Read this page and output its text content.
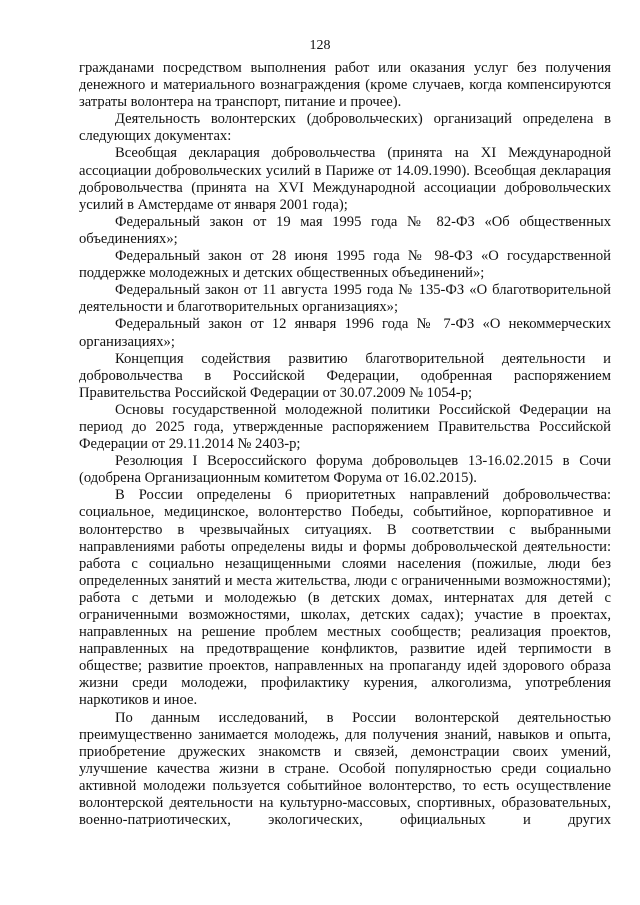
128

гражданами посредством выполнения работ или оказания услуг без получения денежного и материального вознаграждения (кроме случаев, когда компенсируются затраты волонтера на транспорт, питание и прочее).

Деятельность волонтерских (добровольческих) организаций определена в следующих документах:

Всеобщая декларация добровольчества (принята на XI Международной ассоциации добровольческих усилий в Париже от 14.09.1990). Всеобщая декларация добровольчества (принята на XVI Международной ассоциации добровольческих усилий в Амстердаме от января 2001 года);

Федеральный закон от 19 мая 1995 года № 82-ФЗ «Об общественных объединениях»;

Федеральный закон от 28 июня 1995 года № 98-ФЗ «О государственной поддержке молодежных и детских общественных объединений»;

Федеральный закон от 11 августа 1995 года № 135-ФЗ «О благотворительной деятельности и благотворительных организациях»;

Федеральный закон от 12 января 1996 года № 7-ФЗ «О некоммерческих организациях»;

Концепция содействия развитию благотворительной деятельности и добровольчества в Российской Федерации, одобренная распоряжением Правительства Российской Федерации от 30.07.2009 № 1054-р;

Основы государственной молодежной политики Российской Федерации на период до 2025 года, утвержденные распоряжением Правительства Российской Федерации от 29.11.2014 № 2403-р;

Резолюция I Всероссийского форума добровольцев 13-16.02.2015 в Сочи (одобрена Организационным комитетом Форума от 16.02.2015).

В России определены 6 приоритетных направлений добровольчества: социальное, медицинское, волонтерство Победы, событийное, корпоративное и волонтерство в чрезвычайных ситуациях. В соответствии с выбранными направлениями работы определены виды и формы добровольческой деятельности: работа с социально незащищенными слоями населения (пожилые, люди без определенных занятий и места жительства, люди с ограниченными возможностями); работа с детьми и молодежью (в детских домах, интернатах для детей с ограниченными возможностями, школах, детских садах); участие в проектах, направленных на решение проблем местных сообществ; реализация проектов, направленных на предотвращение конфликтов, развитие идей терпимости в обществе; развитие проектов, направленных на пропаганду идей здорового образа жизни среди молодежи, профилактику курения, алкоголизма, употребления наркотиков и иное.

По данным исследований, в России волонтерской деятельностью преимущественно занимается молодежь, для получения знаний, навыков и опыта, приобретение дружеских знакомств и связей, демонстрации своих умений, улучшение качества жизни в стране. Особой популярностью среди социально активной молодежи пользуется событийное волонтерство, то есть осуществление волонтерской деятельности на культурно-массовых, спортивных, образовательных, военно-патриотических, экологических, официальных и других
